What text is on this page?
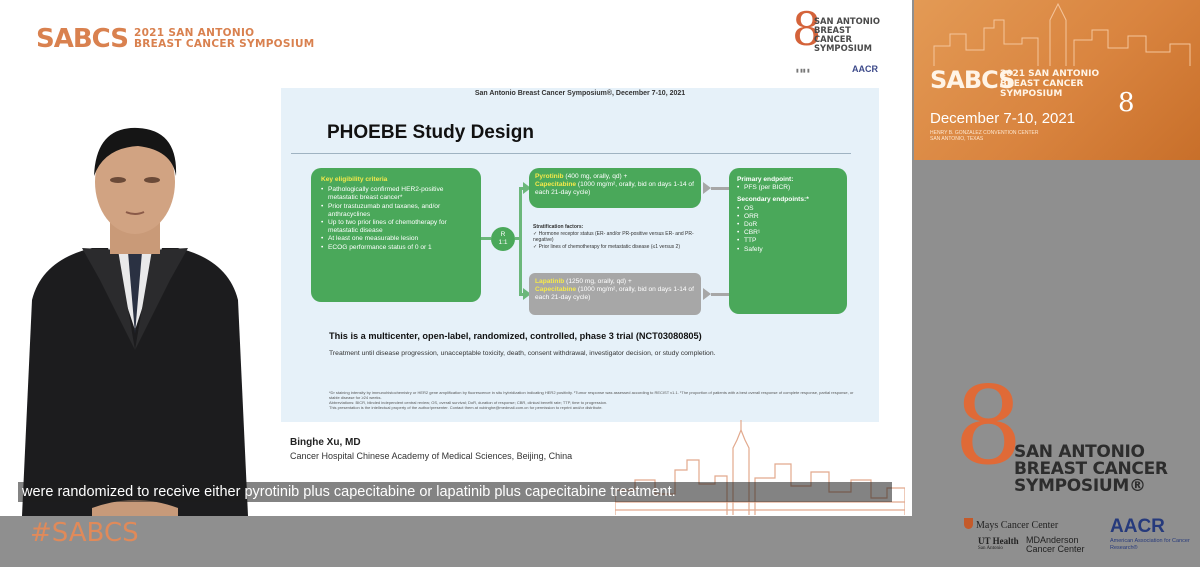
SABCS 2021 SAN ANTONIO
BREAST CANCER SYMPOSIUM	8
SAN ANTONIO
BREAST CANCER
SYMPOSIUM
▮ ▮▮ ▮	AACR
San Antonio Breast Cancer Symposium®, December 7-10, 2021
PHOEBE Study Design
Key eligibility criteria
• Pathologically confirmed HER2-positive metastatic breast cancer*
• Prior trastuzumab and taxanes, and/or anthracyclines
• Up to two prior lines of chemotherapy for metastatic disease
• At least one measurable lesion
• ECOG performance status of 0 or 1
R
1:1
Pyrotinib (400 mg, orally, qd) +
Capecitabine (1000 mg/m², orally, bid on days 1-14 of each 21-day cycle)
Stratification factors:
✓ Hormone receptor status (ER- and/or PR-positive versus ER- and PR-negative)
✓ Prior lines of chemotherapy for metastatic disease (≤1 versus 2)
Lapatinib (1250 mg, orally, qd) +
Capecitabine (1000 mg/m², orally, bid on days 1-14 of each 21-day cycle)
Primary endpoint:
• PFS (per BICR)
Secondary endpoints:*
• OS
• ORR
• DoR
• CBR¹
• TTP
• Safety
This is a multicenter, open-label, randomized, controlled, phase 3 trial (NCT03080805)
Treatment until disease progression, unacceptable toxicity, death, consent withdrawal, investigator decision, or study completion.
*Dr staining intensity by immunohistochemistry or HER2 gene amplification by fluorescence in situ hybridization indicating HER2 positivity. ¹Tumor response was assessed according to RECIST v1.1. ¹The proportion of patients with a best overall response of complete response, partial response, or stable disease for ≥24 weeks.
Abbreviations: BICR, blinded independent central review; OS, overall survival; DoR, duration of response; CBR, clinical benefit rate; TTP, time to progression.
This presentation is the intellectual property of the author/presenter. Contact them at xubinghe@medmail.com.cn for permission to reprint and/or distribute.
Binghe Xu, MD
Cancer Hospital Chinese Academy of Medical Sciences, Beijing, China
were randomized to receive either pyrotinib plus capecitabine or lapatinib plus capecitabine treatment.
#SABCS
SABCS
2021 SAN ANTONIO BREAST CANCER SYMPOSIUM
December 7-10, 2021
HENRY B. GONZALEZ CONVENTION CENTER
SAN ANTONIO, TEXAS
8
8
SAN ANTONIO
BREAST CANCER
SYMPOSIUM®
Mays Cancer Center
UT Health
San Antonio
MDAnderson
Cancer Center
AACR
American Association for Cancer Research®
